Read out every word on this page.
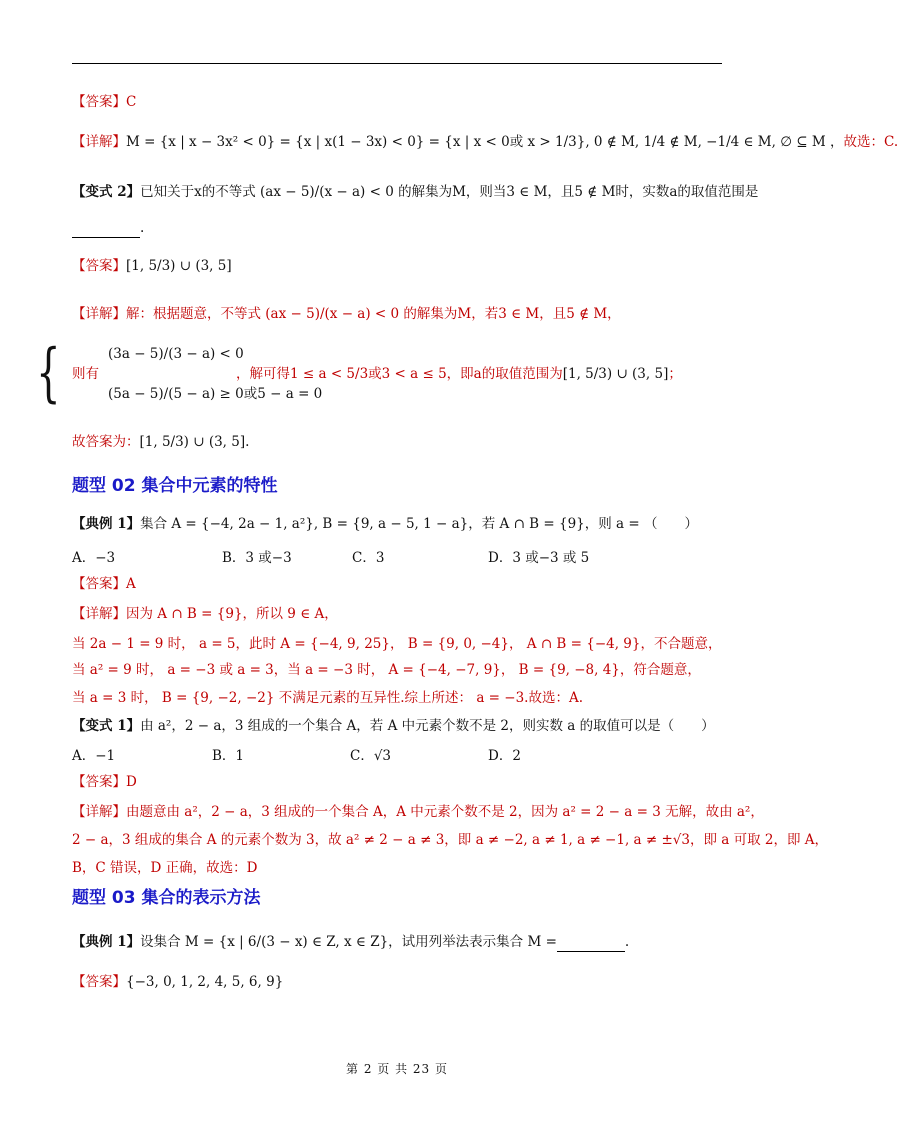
【答案】C
【详解】M = {x | x − 3x² < 0} = {x | x(1 − 3x) < 0} = {x | x < 0或 x > 1/3}, 0 ∉ M, 1/4 ∉ M, −1/4 ∈ M, ∅ ⊆ M ，故选：C.
【变式 2】已知关于x的不等式 (ax − 5)/(x − a) < 0 的解集为M，则当3 ∈ M，且5 ∉ M时，实数a的取值范围是
.
【答案】[1, 5/3) ∪ (3, 5]
【详解】解：根据题意，不等式 (ax − 5)/(x − a) < 0 的解集为M，若3 ∈ M，且5 ∉ M，
{ 则有
(3a − 5)/(3 − a) < 0
(5a − 5)/(5 − a) ≥ 0或5 − a = 0
，解可得1 ≤ a < 5/3或3 < a ≤ 5，即a的取值范围为[1, 5/3) ∪ (3, 5]；
故答案为：[1, 5/3) ∪ (3, 5].
题型 02 集合中元素的特性
【典例 1】集合 A = {−4, 2a − 1, a²}, B = {9, a − 5, 1 − a}，若 A ∩ B = {9}，则 a = （　　）
A．−3	B．3 或−3	C．3	D．3 或−3 或 5
【答案】A
【详解】因为 A ∩ B = {9}，所以 9 ∈ A，
当 2a − 1 = 9 时， a = 5，此时 A = {−4, 9, 25}， B = {9, 0, −4}， A ∩ B = {−4, 9}，不合题意，
当 a² = 9 时， a = −3 或 a = 3，当 a = −3 时， A = {−4, −7, 9}， B = {9, −8, 4}，符合题意，
当 a = 3 时， B = {9, −2, −2} 不满足元素的互异性.综上所述： a = −3.故选：A.
【变式 1】由 a²，2 − a，3 组成的一个集合 A，若 A 中元素个数不是 2，则实数 a 的取值可以是（　　）
A．−1	B．1	C．√3	D．2
【答案】D
【详解】由题意由 a²，2 − a，3 组成的一个集合 A，A 中元素个数不是 2，因为 a² = 2 − a = 3 无解，故由 a²，
2 − a，3 组成的集合 A 的元素个数为 3，故 a² ≠ 2 − a ≠ 3，即 a ≠ −2, a ≠ 1, a ≠ −1, a ≠ ±√3，即 a 可取 2，即 A，
B，C 错误，D 正确，故选：D
题型 03 集合的表示方法
【典例 1】设集合 M = {x | 6/(3 − x) ∈ Z, x ∈ Z}，试用列举法表示集合 M =	.
【答案】{−3, 0, 1, 2, 4, 5, 6, 9}
第 2 页 共 23 页
